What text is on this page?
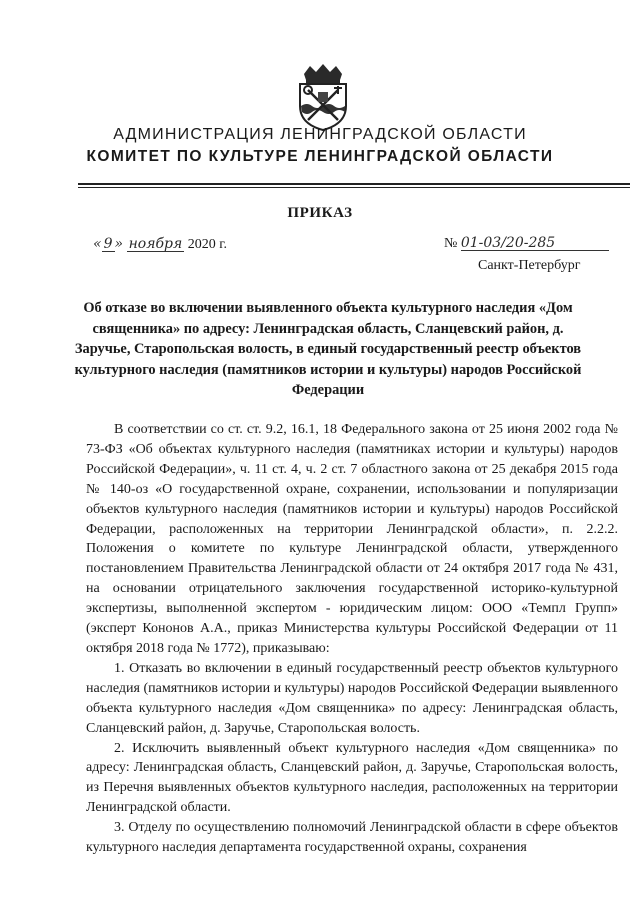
АДМИНИСТРАЦИЯ ЛЕНИНГРАДСКОЙ ОБЛАСТИ
КОМИТЕТ ПО КУЛЬТУРЕ ЛЕНИНГРАДСКОЙ ОБЛАСТИ
ПРИКАЗ
« 9 » ноября 2020 г.	№ 01-03/20-285
Санкт-Петербург

Об отказе во включении выявленного объекта культурного наследия «Дом священника» по адресу: Ленинградская область, Сланцевский район, д. Заручье, Старопольская волость, в единый государственный реестр объектов культурного наследия (памятников истории и культуры) народов Российской Федерации

В соответствии со ст. ст. 9.2, 16.1, 18 Федерального закона от 25 июня 2002 года № 73-ФЗ «Об объектах культурного наследия (памятниках истории и культуры) народов Российской Федерации», ч. 11 ст. 4, ч. 2 ст. 7 областного закона от 25 декабря 2015 года № 140-оз «О государственной охране, сохранении, использовании и популяризации объектов культурного наследия (памятников истории и культуры) народов Российской Федерации, расположенных на территории Ленинградской области», п. 2.2.2. Положения о комитете по культуре Ленинградской области, утвержденного постановлением Правительства Ленинградской области от 24 октября 2017 года № 431, на основании отрицательного заключения государственной историко-культурной экспертизы, выполненной экспертом - юридическим лицом: ООО «Темпл Групп» (эксперт Кононов А.А., приказ Министерства культуры Российской Федерации от 11 октября 2018 года № 1772), приказываю:

1. Отказать во включении в единый государственный реестр объектов культурного наследия (памятников истории и культуры) народов Российской Федерации выявленного объекта культурного наследия «Дом священника» по адресу: Ленинградская область, Сланцевский район, д. Заручье, Старопольская волость.

2. Исключить выявленный объект культурного наследия «Дом священника» по адресу: Ленинградская область, Сланцевский район, д. Заручье, Старопольская волость, из Перечня выявленных объектов культурного наследия, расположенных на территории Ленинградской области.

3. Отделу по осуществлению полномочий Ленинградской области в сфере объектов культурного наследия департамента государственной охраны, сохранения
